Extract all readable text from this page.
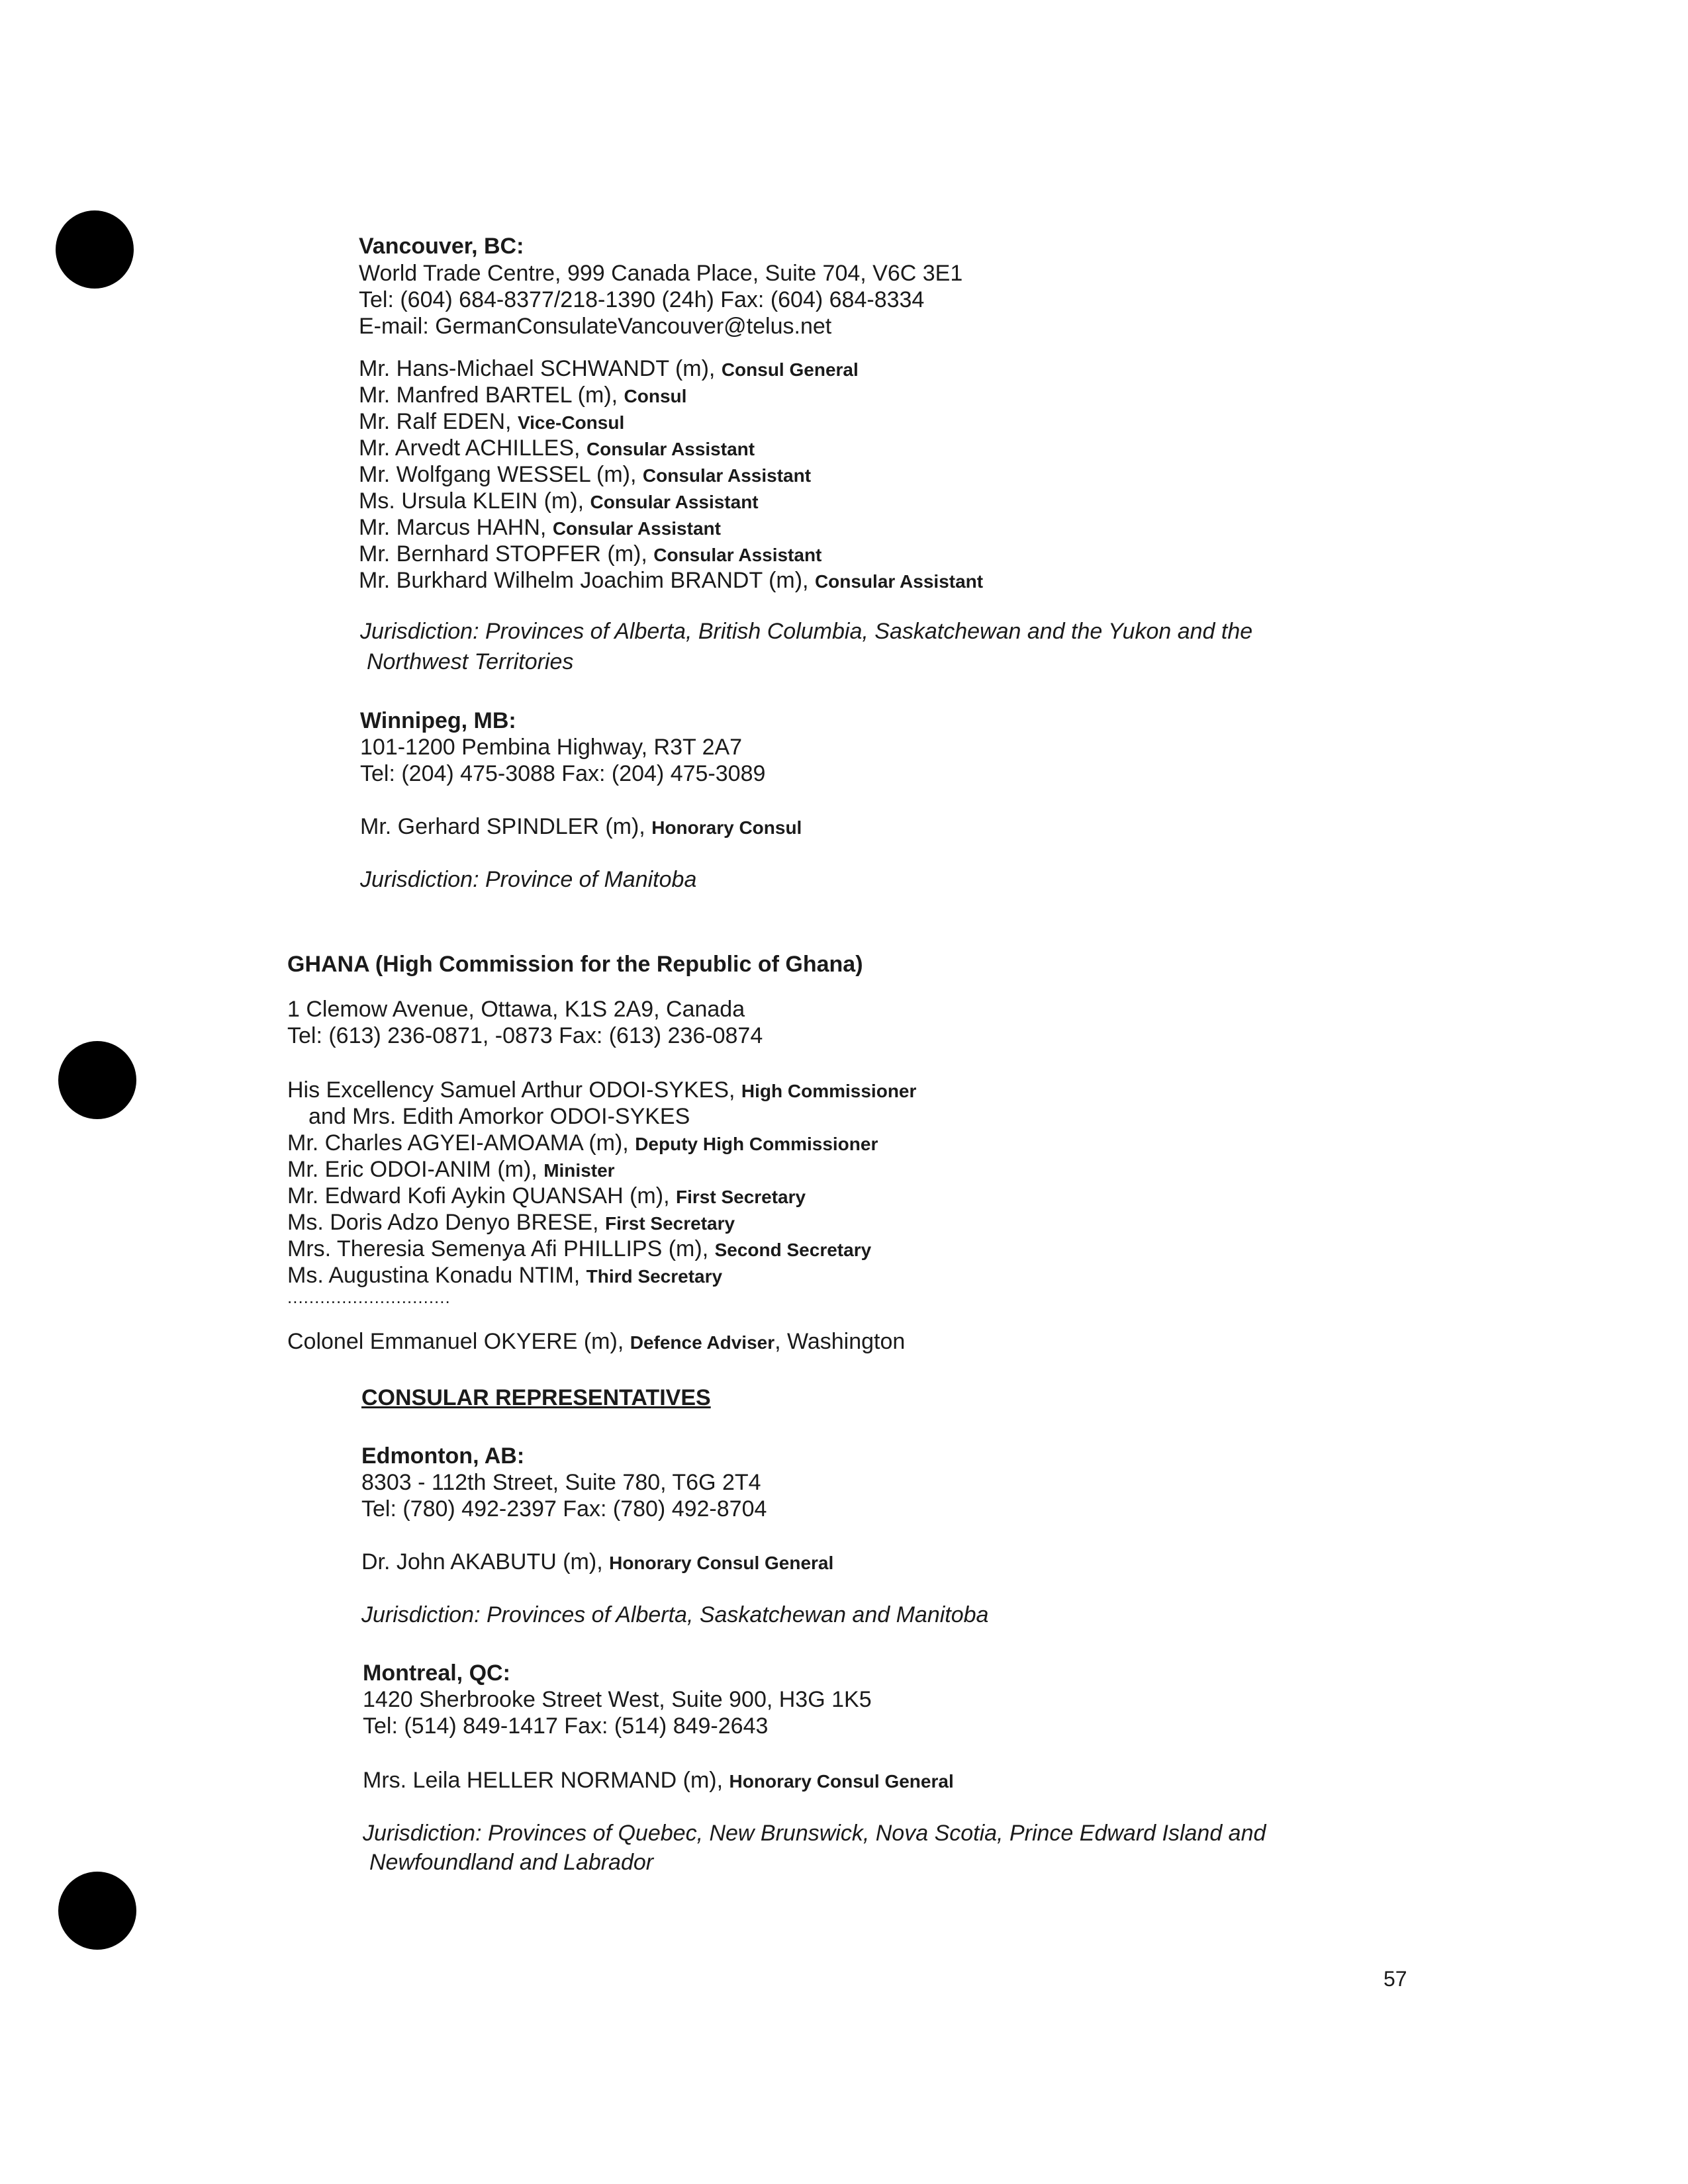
Vancouver, BC:
World Trade Centre, 999 Canada Place, Suite 704, V6C 3E1
Tel: (604) 684-8377/218-1390 (24h) Fax: (604) 684-8334
E-mail: GermanConsulateVancouver@telus.net
Mr. Hans-Michael SCHWANDT (m), Consul General
Mr. Manfred BARTEL (m), Consul
Mr. Ralf EDEN, Vice-Consul
Mr. Arvedt ACHILLES, Consular Assistant
Mr. Wolfgang WESSEL (m), Consular Assistant
Ms. Ursula KLEIN (m), Consular Assistant
Mr. Marcus HAHN, Consular Assistant
Mr. Bernhard STOPFER (m), Consular Assistant
Mr. Burkhard Wilhelm Joachim BRANDT (m), Consular Assistant
Jurisdiction: Provinces of Alberta, British Columbia, Saskatchewan and the Yukon and the
Northwest Territories
Winnipeg, MB:
101-1200 Pembina Highway, R3T 2A7
Tel: (204) 475-3088 Fax: (204) 475-3089
Mr. Gerhard SPINDLER (m), Honorary Consul
Jurisdiction: Province of Manitoba
GHANA (High Commission for the Republic of Ghana)
1 Clemow Avenue, Ottawa, K1S 2A9, Canada
Tel: (613) 236-0871, -0873 Fax: (613) 236-0874
His Excellency Samuel Arthur ODOI-SYKES, High Commissioner
and Mrs. Edith Amorkor ODOI-SYKES
Mr. Charles AGYEI-AMOAMA (m), Deputy High Commissioner
Mr. Eric ODOI-ANIM (m), Minister
Mr. Edward Kofi Aykin QUANSAH (m), First Secretary
Ms. Doris Adzo Denyo BRESE, First Secretary
Mrs. Theresia Semenya Afi PHILLIPS (m), Second Secretary
Ms. Augustina Konadu NTIM, Third Secretary
..............................
Colonel Emmanuel OKYERE (m), Defence Adviser, Washington
CONSULAR REPRESENTATIVES
Edmonton, AB:
8303 - 112th Street, Suite 780, T6G 2T4
Tel: (780) 492-2397 Fax: (780) 492-8704
Dr. John AKABUTU (m), Honorary Consul General
Jurisdiction: Provinces of Alberta, Saskatchewan and Manitoba
Montreal, QC:
1420 Sherbrooke Street West, Suite 900, H3G 1K5
Tel: (514) 849-1417 Fax: (514) 849-2643
Mrs. Leila HELLER NORMAND (m), Honorary Consul General
Jurisdiction: Provinces of Quebec, New Brunswick, Nova Scotia, Prince Edward Island and
Newfoundland and Labrador
57
